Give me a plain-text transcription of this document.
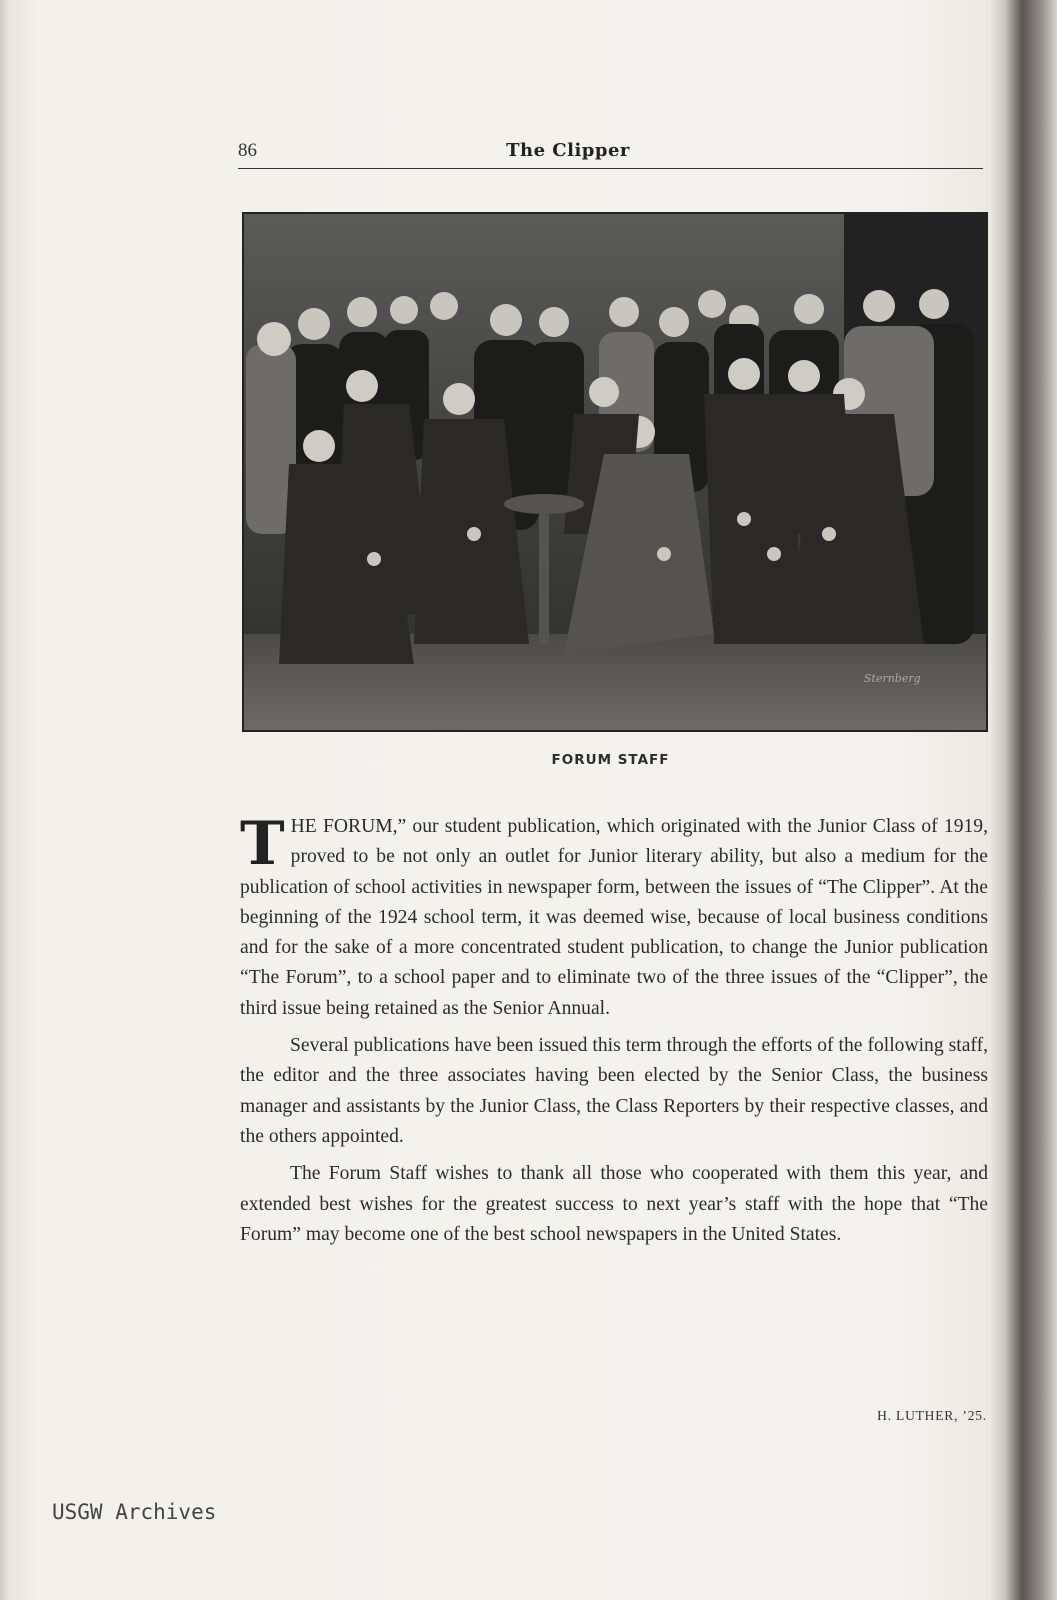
86	The Clipper
Sternberg
FORUM STAFF

THE FORUM,” our student publication, which originated with the Junior Class of 1919, proved to be not only an outlet for Junior literary ability, but also a medium for the publication of school activities in newspaper form, between the issues of “The Clipper”. At the beginning of the 1924 school term, it was deemed wise, because of local business conditions and for the sake of a more concentrated student publication, to change the Junior publication “The Forum”, to a school paper and to eliminate two of the three issues of the “Clipper”, the third issue being retained as the Senior Annual.

Several publications have been issued this term through the efforts of the following staff, the editor and the three associates having been elected by the Senior Class, the business manager and assistants by the Junior Class, the Class Reporters by their respective classes, and the others appointed.

The Forum Staff wishes to thank all those who cooperated with them this year, and extended best wishes for the greatest success to next year’s staff with the hope that “The Forum” may become one of the best school newspapers in the United States.

H. LUTHER, ’25.
USGW Archives
